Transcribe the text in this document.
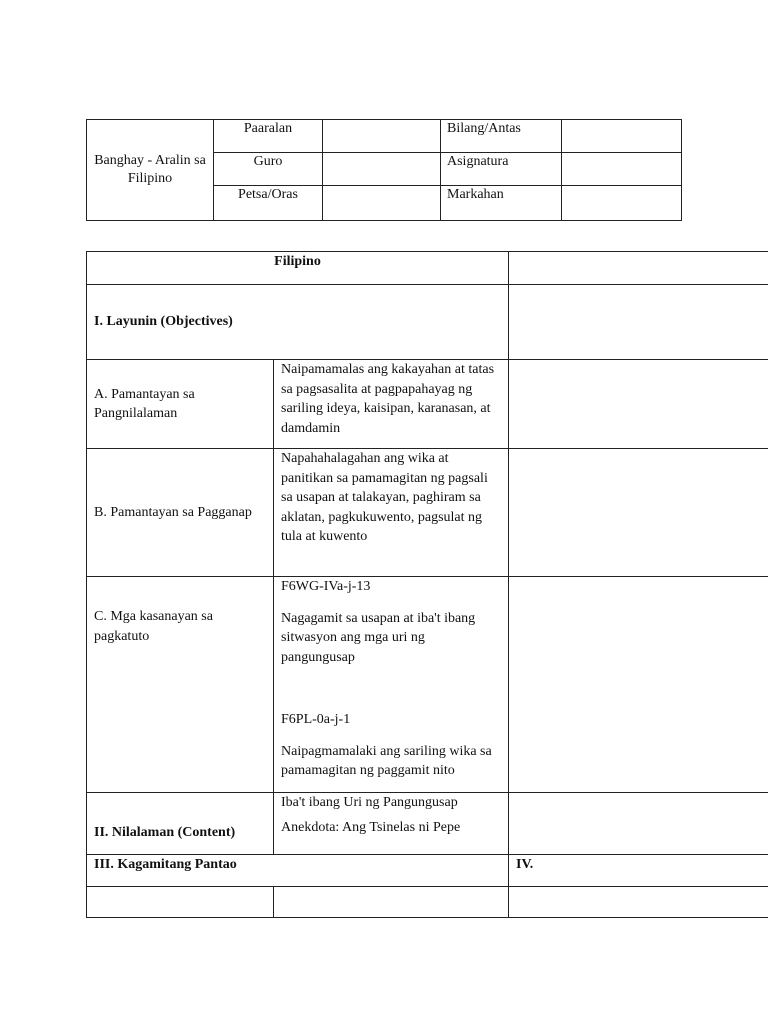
Banghay - Aralin sa Filipino	Paaralan		Bilang/Antas	
	Guro		Asignatura	
	Petsa/Oras		Markahan	
Filipino		
I. Layunin (Objectives)		
A. Pamantayan sa Pangnilalaman	Naipamamalas ang kakayahan at tatas sa pagsasalita at pagpapahayag ng sariling ideya, kaisipan, karanasan, at damdamin	
B. Pamantayan sa Pagganap	Napahahalagahan ang wika at panitikan sa pamamagitan ng pagsali sa usapan at talakayan, paghiram sa aklatan, pagkukuwento, pagsulat ng tula at kuwento	

C. Mga kasanayan sa pagkatuto	F6WG-IVa-j-13

Nagagamit sa usapan at iba't ibang sitwasyon ang mga uri ng pangungusap

F6PL-0a-j-1

Naipagmamalaki ang sariling wika sa pamamagitan ng paggamit nito	

II. Nilalaman (Content)	Iba't ibang Uri ng Pangungusap

Anekdota: Ang Tsinelas ni Pepe	

III. Kagamitang Pantao		IV.
